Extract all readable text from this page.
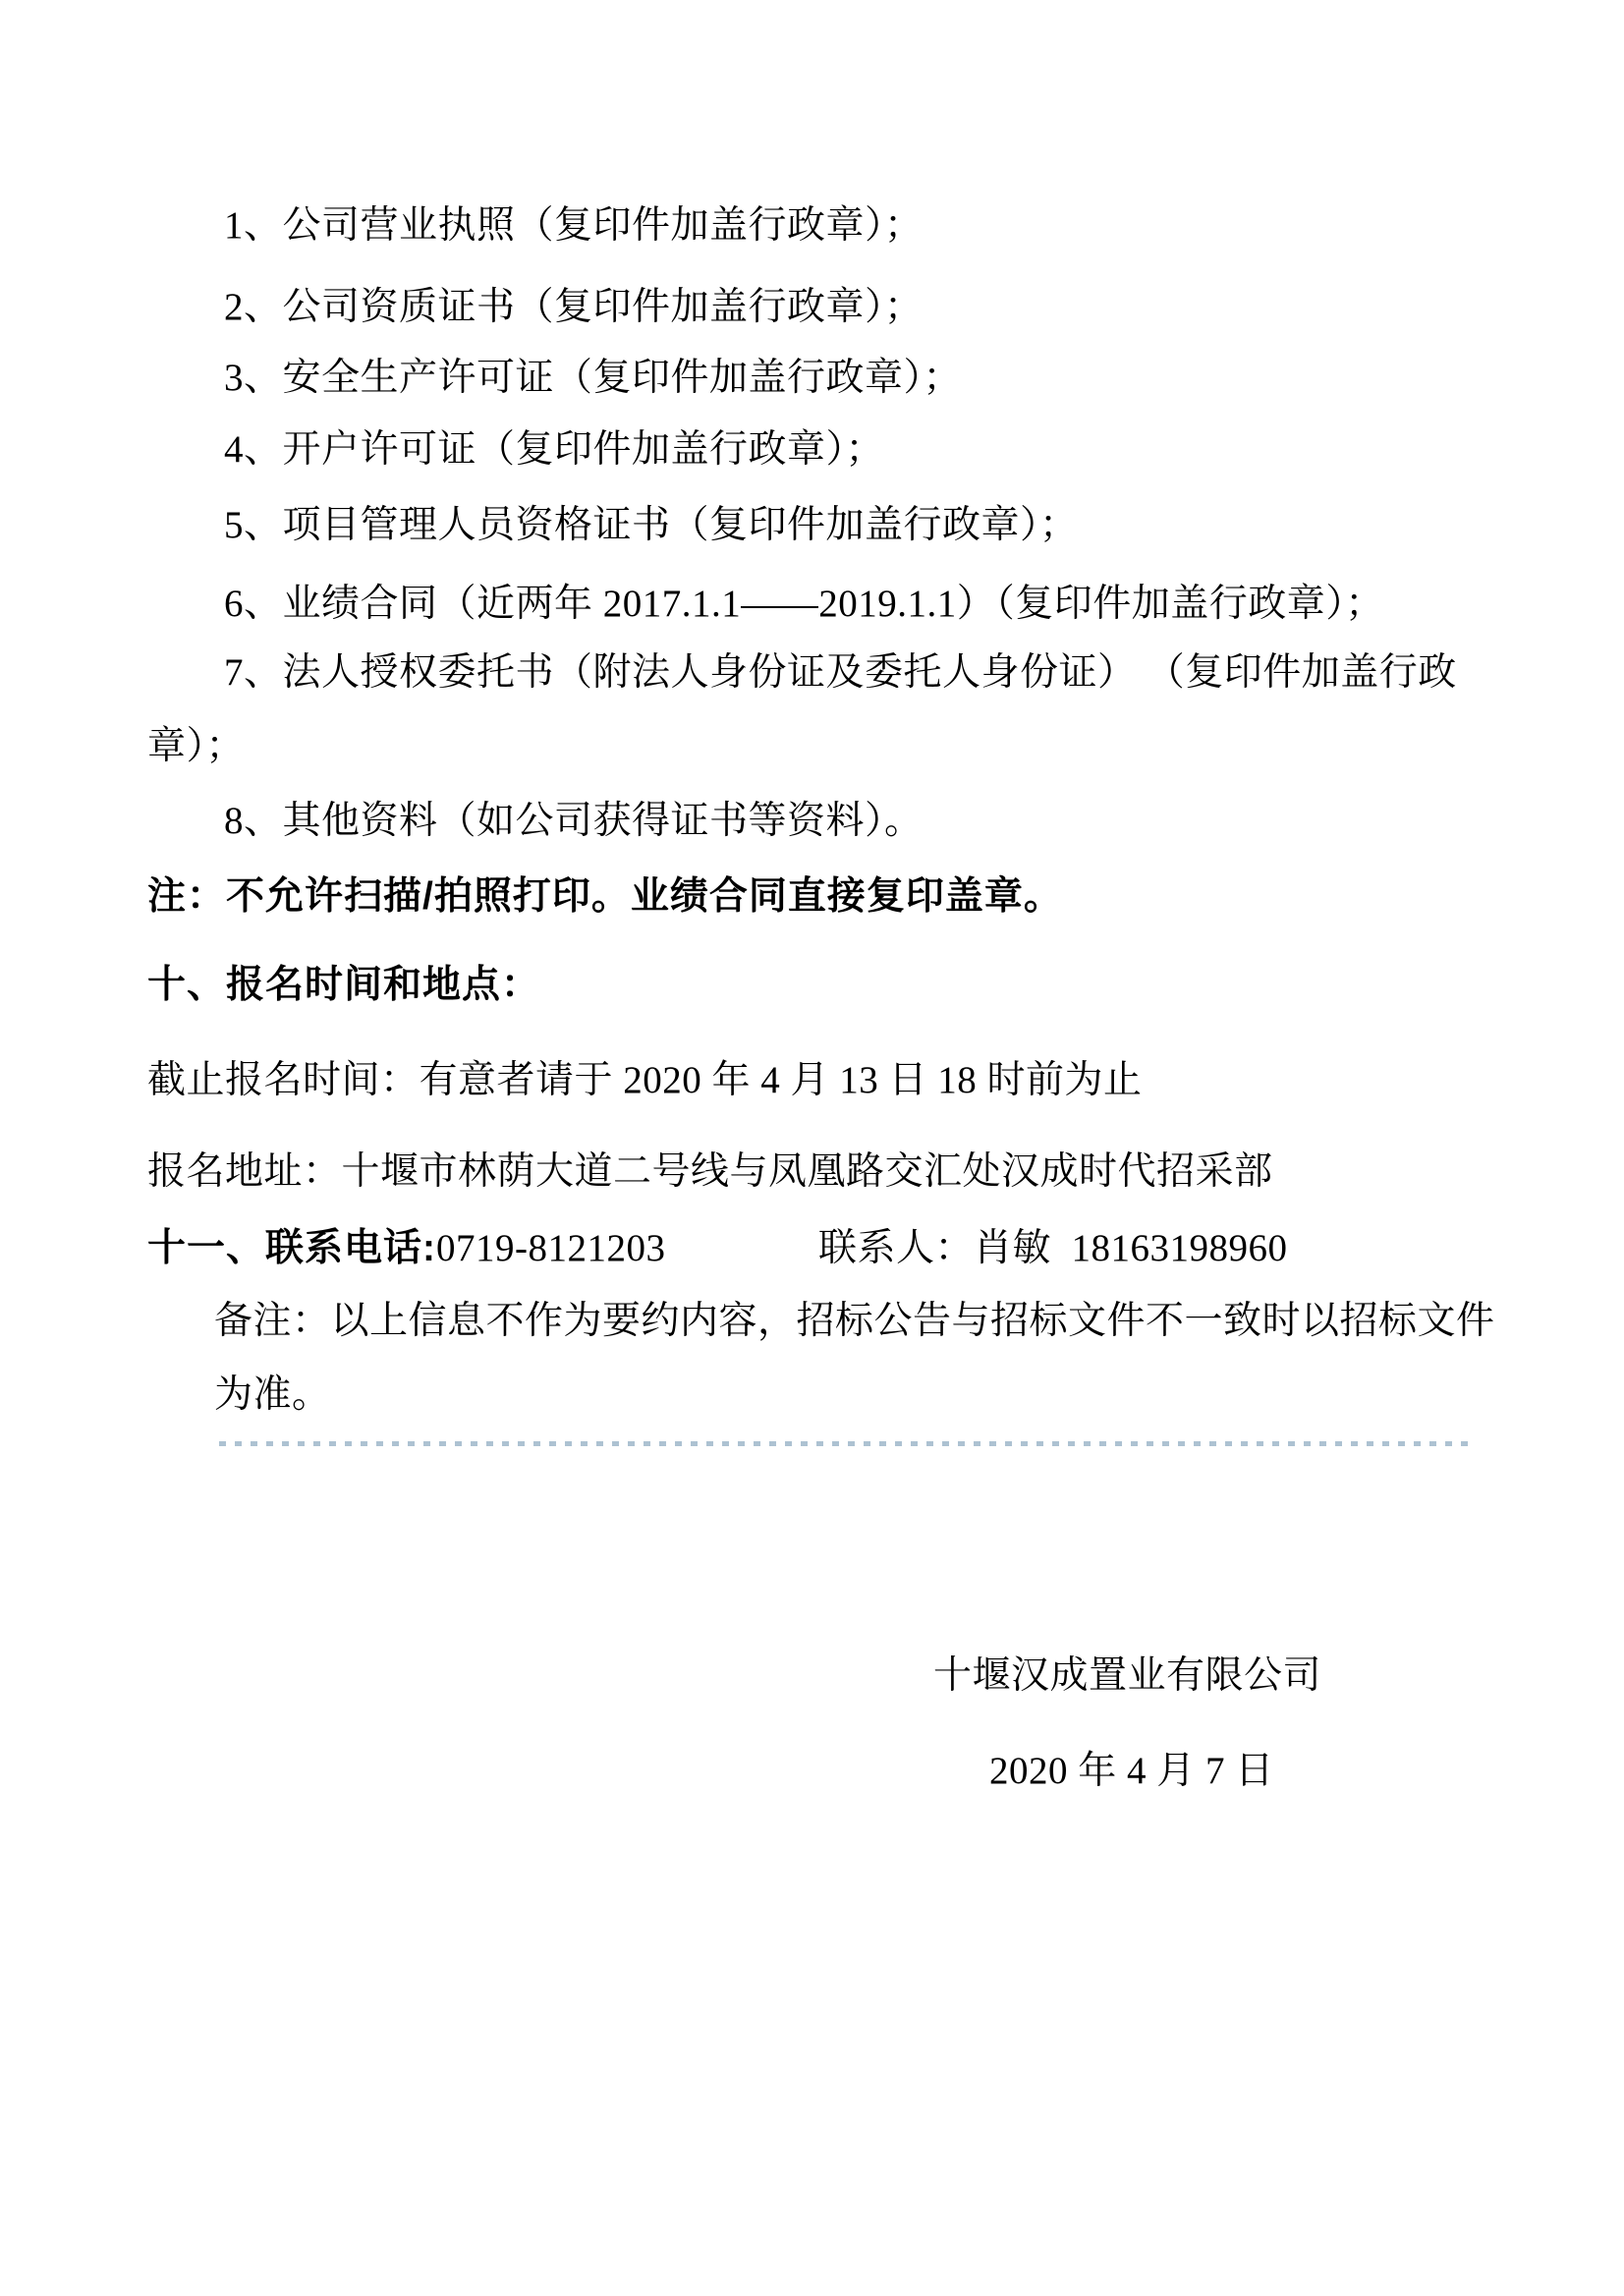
1、公司营业执照（复印件加盖行政章）；
2、公司资质证书（复印件加盖行政章）；
3、安全生产许可证（复印件加盖行政章）；
4、开户许可证（复印件加盖行政章）；
5、项目管理人员资格证书（复印件加盖行政章）；
6、业绩合同（近两年 2017.1.1——2019.1.1）（复印件加盖行政章）；
7、法人授权委托书（附法人身份证及委托人身份证） （复印件加盖行政
章）；
8、其他资料（如公司获得证书等资料）。
注：不允许扫描/拍照打印。业绩合同直接复印盖章。
十、报名时间和地点：
截止报名时间：有意者请于 2020 年 4 月 13 日 18 时前为止
报名地址：十堰市林荫大道二号线与凤凰路交汇处汉成时代招采部
十一、联系电话:0719-8121203	联系人：肖敏  18163198960
备注：以上信息不作为要约内容，招标公告与招标文件不一致时以招标文件
为准。
十堰汉成置业有限公司
2020 年 4 月 7 日
